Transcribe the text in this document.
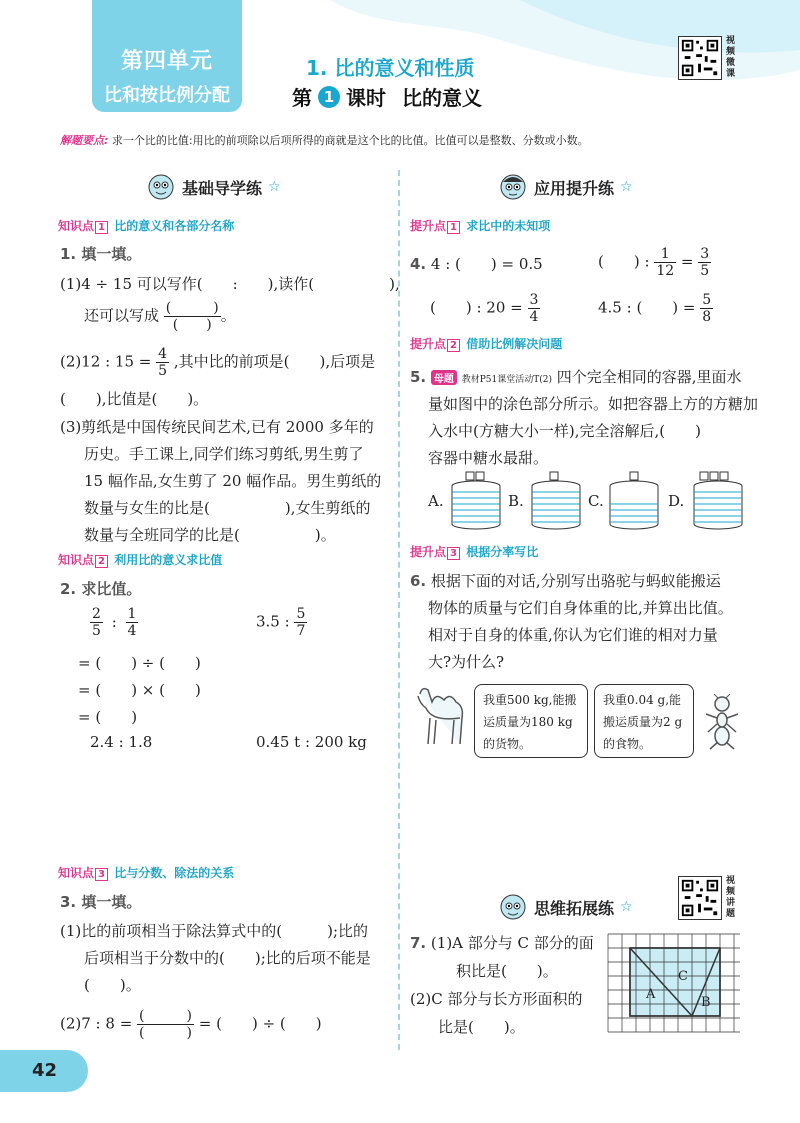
第四单元
比和按比例分配
1. 比的意义和性质
第 1 课时 比的意义
视频微课
解题要点: 求一个比的比值:用比的前项除以后项所得的商就是这个比的比值。比值可以是整数、分数或小数。
基础导学练 ☆
知识点 1 比的意义和各部分名称
1. 填一填。
(1)4 ÷ 15 可以写作(　　:　　),读作(　　　　　),
还可以写成 $\frac{( )}{( )}$ 。
(2)12 : $15 = \frac{4}{5}$ ,其中比的前项是(　　),后项是
(　　),比值是(　　)。
(3)剪纸是中国传统民间艺术,已有 2000 多年的
历史。手工课上,同学们练习剪纸,男生剪了
15 幅作品,女生剪了 20 幅作品。男生剪纸的
数量与女生的比是(　　　　　),女生剪纸的
数量与全班同学的比是(　　　　　)。
知识点 2 利用比的意义求比值
2. 求比值。
$\frac{2}{5}$ : $\frac{1}{4}$	3.5 : $\frac{5}{7}$
= (　　) ÷ (　　)
= (　　) × (　　)
= (　　)
2.4 : 1.8	0.45 t : 200 kg
知识点 3 比与分数、除法的关系
3. 填一填。
(1)比的前项相当于除法算式中的(　　　);比的
后项相当于分数中的(　　);比的后项不能是
(　　)。
(2)7 : $8 = \frac{( )}{( )}$ = (　　) ÷ (　　)
42
应用提升练 ☆
提升点 1 求比中的未知项
4. 4 : (　　) = 0.5	(　　) : $\frac{1}{12} = \frac{3}{5}$
(　　) : $20 = \frac{3}{4}$	4.5 : (　　) = $\frac{5}{8}$
提升点 2 借助比例解决问题
5. 母题 教材P51课堂活动T(2) 四个完全相同的容器,里面水
量如图中的涂色部分所示。如把容器上方的方糖加
入水中(方糖大小一样),完全溶解后,(　　)
容器中糖水最甜。
A.	B.	C.	D.
提升点 3 根据分率写比
6. 根据下面的对话,分别写出骆驼与蚂蚁能搬运
物体的质量与它们自身体重的比,并算出比值。
相对于自身的体重,你认为它们谁的相对力量
大?为什么?
我重500 kg,能搬运质量为180 kg的货物。
我重0.04 g,能搬运质量为2 g的食物。
思维拓展练 ☆
视频讲题
7. (1)A 部分与 C 部分的面
积比是(　　)。
(2)C 部分与长方形面积的
比是(　　)。
A
C
B
